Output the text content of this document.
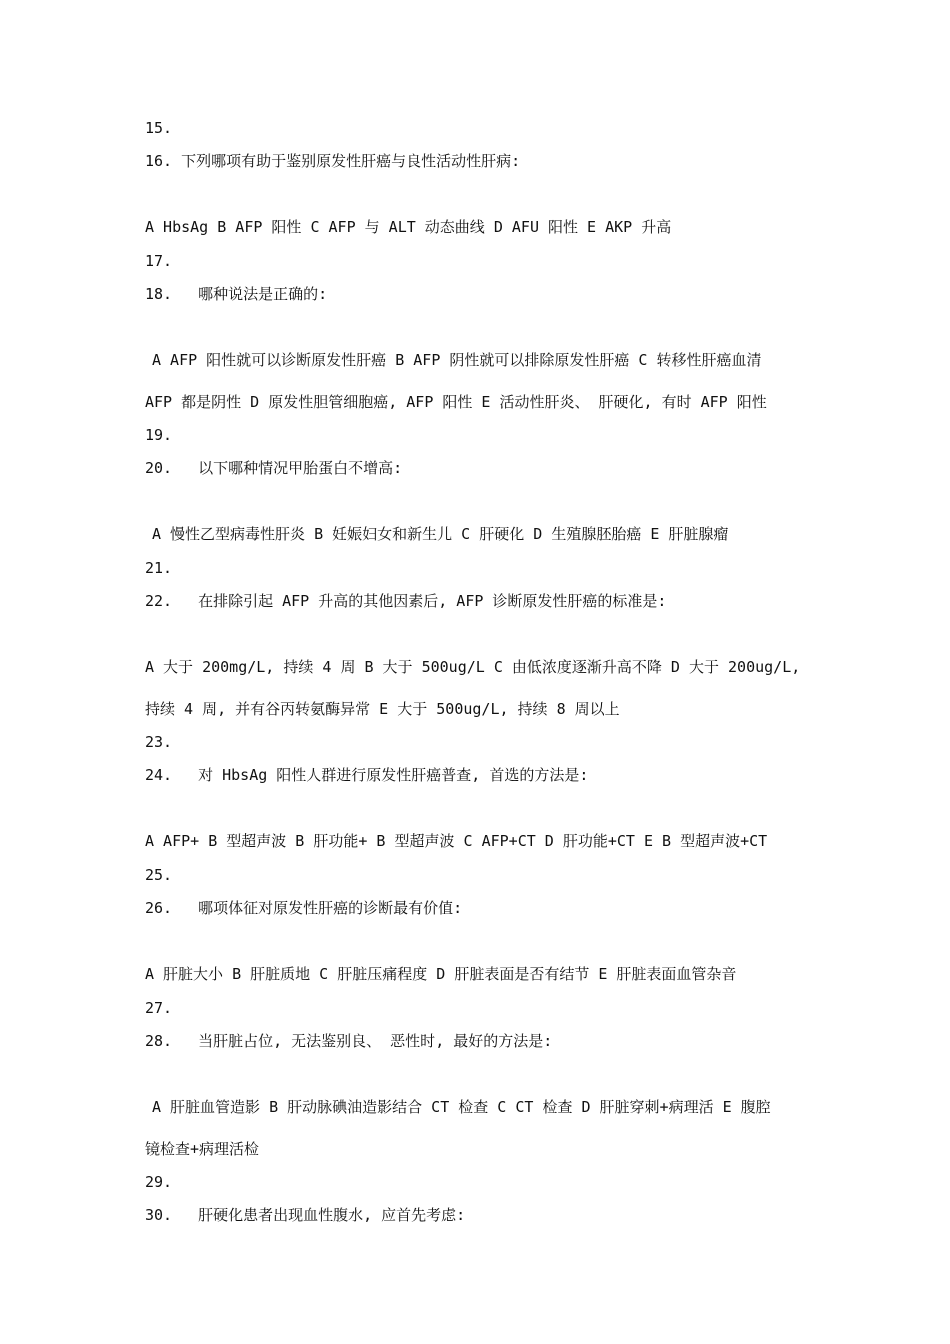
15.
16. 下列哪项有助于鉴别原发性肝癌与良性活动性肝病:
A HbsAg B AFP 阳性 C AFP 与 ALT 动态曲线 D AFU 阳性 E AKP 升高
17.
18. 哪种说法是正确的:
A AFP 阳性就可以诊断原发性肝癌 B AFP 阴性就可以排除原发性肝癌 C 转移性肝癌血清
AFP 都是阴性 D 原发性胆管细胞癌, AFP 阳性 E 活动性肝炎、 肝硬化, 有时 AFP 阳性
19.
20. 以下哪种情况甲胎蛋白不增高:
A 慢性乙型病毒性肝炎 B 妊娠妇女和新生儿 C 肝硬化 D 生殖腺胚胎癌 E 肝脏腺瘤
21.
22. 在排除引起 AFP 升高的其他因素后, AFP 诊断原发性肝癌的标准是:
A 大于 200mg/L, 持续 4 周 B 大于 500ug/L C 由低浓度逐渐升高不降 D 大于 200ug/L,
持续 4 周, 并有谷丙转氨酶异常 E 大于 500ug/L, 持续 8 周以上
23.
24. 对 HbsAg 阳性人群进行原发性肝癌普查, 首选的方法是:
A AFP+ B 型超声波 B 肝功能+ B 型超声波 C AFP+CT D 肝功能+CT E B 型超声波+CT
25.
26. 哪项体征对原发性肝癌的诊断最有价值:
A 肝脏大小 B 肝脏质地 C 肝脏压痛程度 D 肝脏表面是否有结节 E 肝脏表面血管杂音
27.
28. 当肝脏占位, 无法鉴别良、 恶性时, 最好的方法是:
A 肝脏血管造影 B 肝动脉碘油造影结合 CT 检查 C CT 检查 D 肝脏穿刺+病理活 E 腹腔
镜检查+病理活检
29.
30. 肝硬化患者出现血性腹水, 应首先考虑:
